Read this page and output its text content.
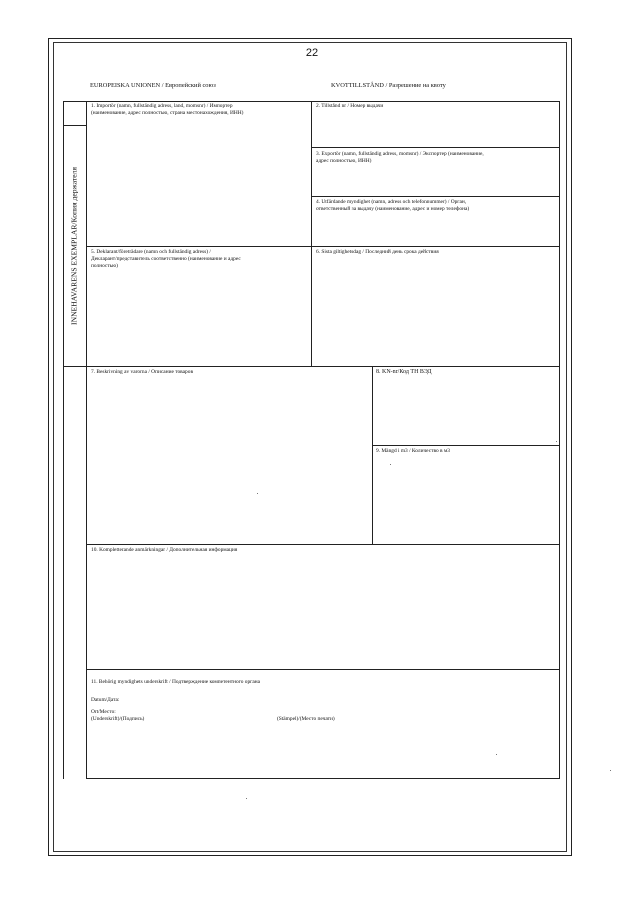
22
EUROPEISKA UNIONEN / Европейский союз	KVOTTILLSTÅND / Разрешение на квоту
INNEHAVARENS EXEMPLAR/Копия держателя
1. Importör (namn, fullständig adress, land, momsnr) / Импортер
(наименование, адрес полностью, страна местонахождения, ИНН)
2. Tillstånd nr / Номер выдачи
3. Exportör (namn, fullständig adress, momsnr) / Экспортер (наименование,
адрес полностью, ИНН)
4. Utfärdande myndighet (namn, adress och telefonnummer) / Орган,
ответственный за выдачу (наименование, адрес и номер телефона)
5. Deklarant/företrädare (namn och fullständig adress) /
Декларант/представитель соответственно (наименование и адрес
полностью)
6. Sista giltighetsdag / Последний день срока действия
7. Beskrivning av varorna / Описание товаров	8. KN-nr/Код ТН ВЭД
9. Mängd i m3 / Количество в м3
10. Kompletterande anmärkningar / Дополнительная информация
11. Behörig myndighets underskrift / Подтверждение компетентного органа
Datum/Дата:
Ort/Место:
(Underskrift)/(Подпись)	(Stämpel)/(Место печати)
